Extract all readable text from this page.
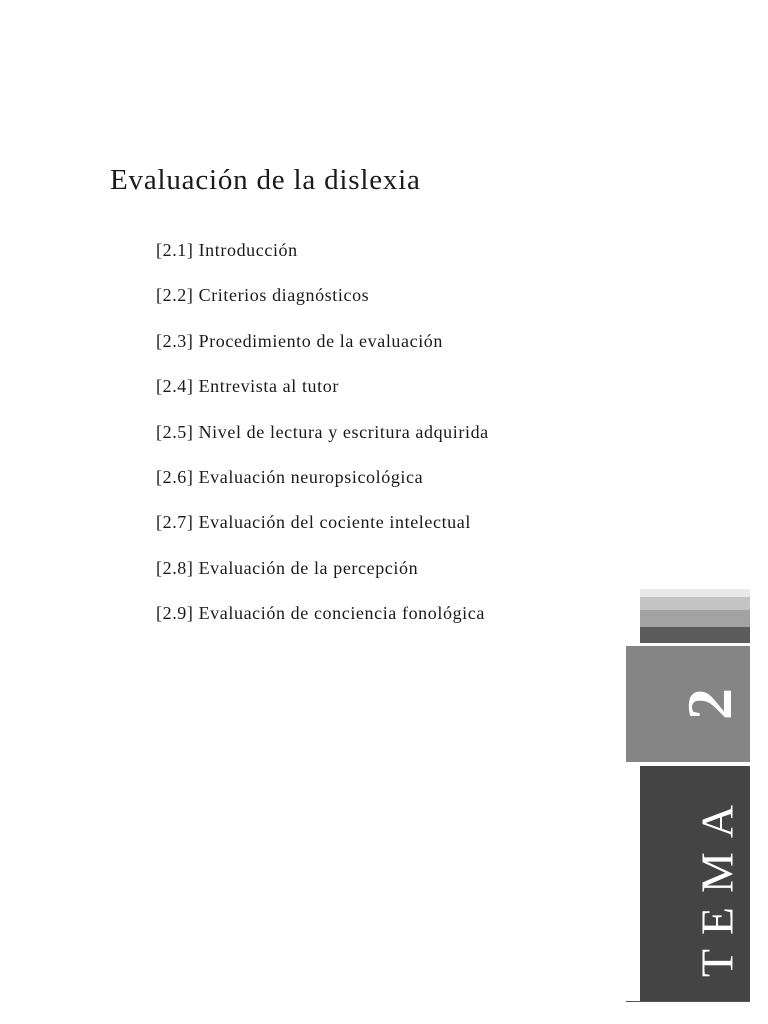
Evaluación de la dislexia
[2.1] Introducción
[2.2] Criterios diagnósticos
[2.3] Procedimiento de la evaluación
[2.4] Entrevista al tutor
[2.5] Nivel de lectura y escritura adquirida
[2.6] Evaluación neuropsicológica
[2.7] Evaluación del cociente intelectual
[2.8] Evaluación de la percepción
[2.9] Evaluación de conciencia fonológica
2
TEMA
